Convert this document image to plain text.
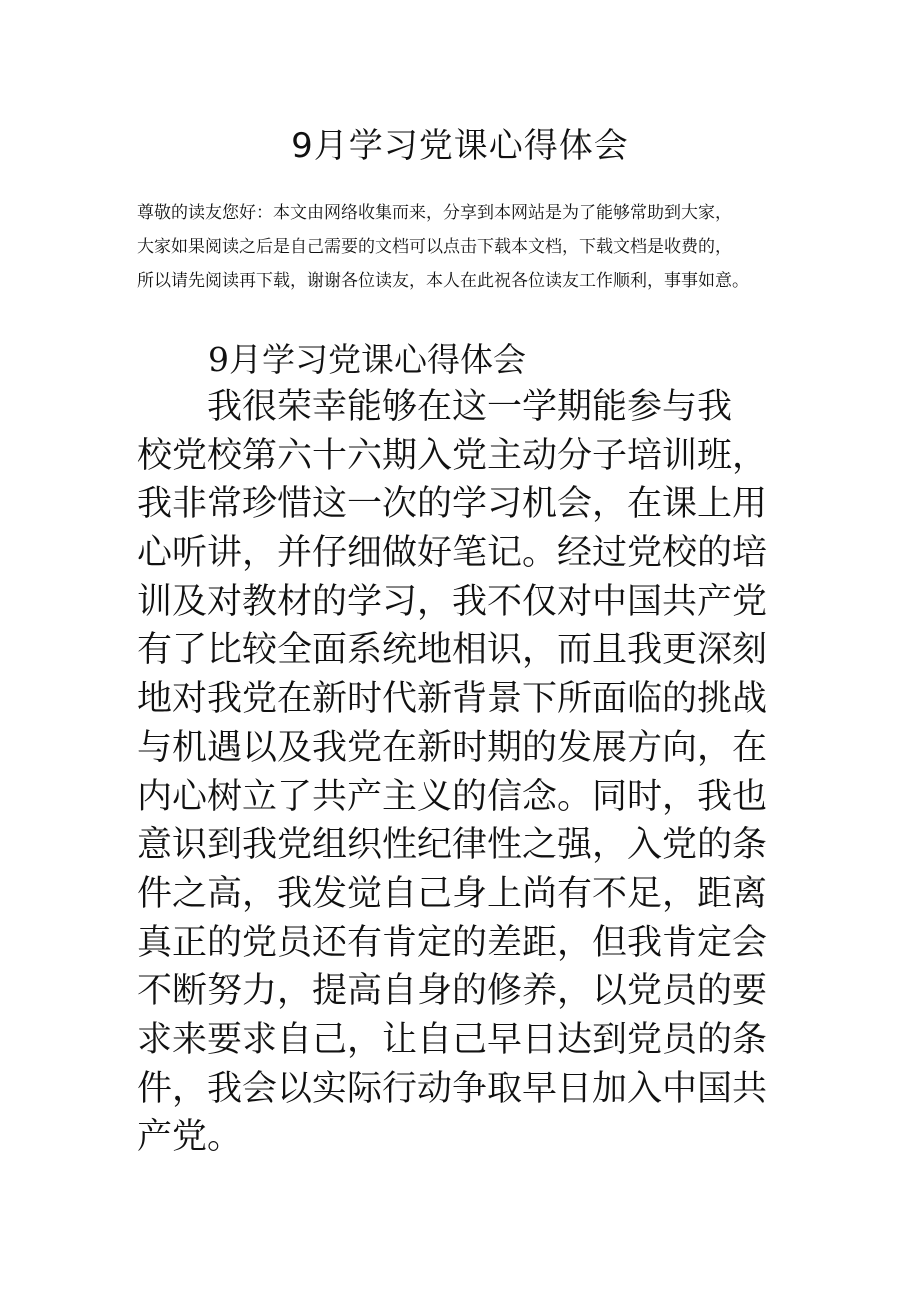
9月学习党课心得体会

尊敬的读友您好：本文由网络收集而来，分享到本网站是为了能够常助到大家，

大家如果阅读之后是自己需要的文档可以点击下载本文档，下载文档是收费的，

所以请先阅读再下载，谢谢各位读友，本人在此祝各位读友工作顺利，事事如意。

9月学习党课心得体会
我很荣幸能够在这一学期能参与我
校党校第六十六期入党主动分子培训班，
我非常珍惜这一次的学习机会，在课上用
心听讲，并仔细做好笔记。经过党校的培
训及对教材的学习，我不仅对中国共产党
有了比较全面系统地相识，而且我更深刻
地对我党在新时代新背景下所面临的挑战
与机遇以及我党在新时期的发展方向，在
内心树立了共产主义的信念。同时，我也
意识到我党组织性纪律性之强，入党的条
件之高，我发觉自己身上尚有不足，距离
真正的党员还有肯定的差距，但我肯定会
不断努力，提高自身的修养，以党员的要
求来要求自己，让自己早日达到党员的条
件，我会以实际行动争取早日加入中国共
产党。
